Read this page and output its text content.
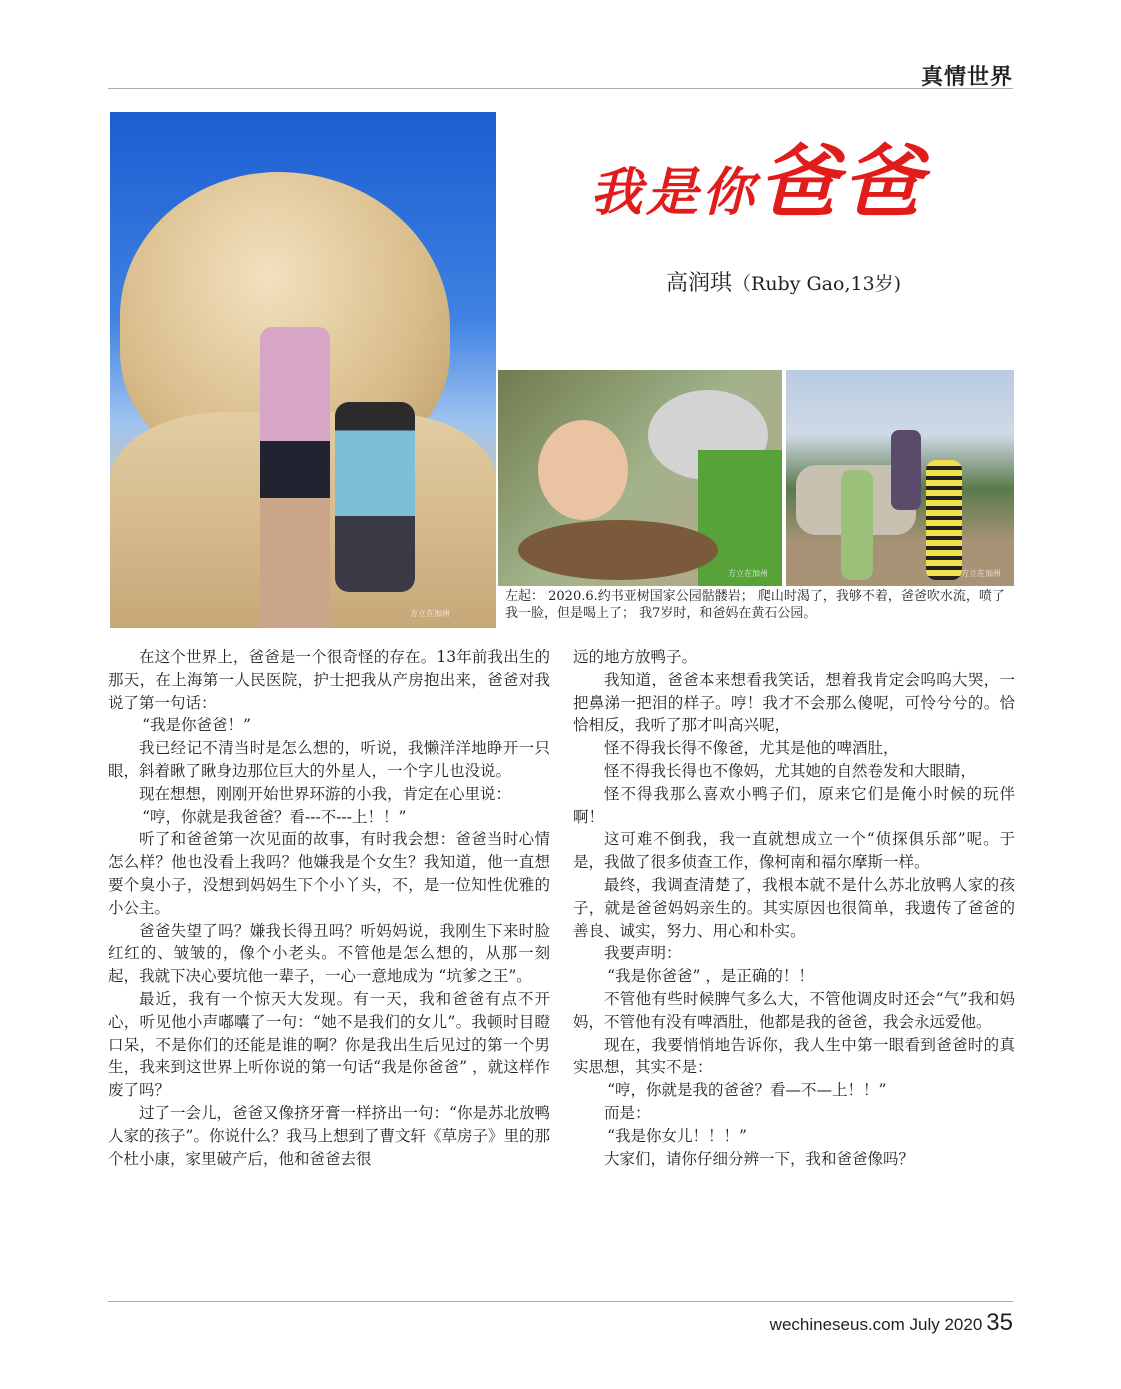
真情世界
方立在加州
我是你爸爸
高润琪（Ruby Gao,13岁)
方立在加州	方立在加州
左起： 2020.6.约书亚树国家公园骷髅岩； 爬山时渴了，我够不着，爸爸吹水流，喷了我一脸，但是喝上了； 我7岁时，和爸妈在黄石公园。

在这个世界上，爸爸是一个很奇怪的存在。13年前我出生的那天，在上海第一人民医院，护士把我从产房抱出来，爸爸对我说了第一句话：

“我是你爸爸！”

我已经记不清当时是怎么想的，听说，我懒洋洋地睁开一只眼，斜着瞅了瞅身边那位巨大的外星人，一个字儿也没说。

现在想想，刚刚开始世界环游的小我，肯定在心里说：

“哼，你就是我爸爸？看---不---上！！”

听了和爸爸第一次见面的故事，有时我会想：爸爸当时心情怎么样？他也没看上我吗？他嫌我是个女生？我知道，他一直想要个臭小子，没想到妈妈生下个小丫头，不，是一位知性优雅的小公主。

爸爸失望了吗？嫌我长得丑吗？听妈妈说，我刚生下来时脸红红的、皱皱的，像个小老头。不管他是怎么想的，从那一刻起，我就下决心要坑他一辈子，一心一意地成为 “坑爹之王”。

最近，我有一个惊天大发现。有一天，我和爸爸有点不开心，听见他小声嘟囔了一句：“她不是我们的女儿”。我顿时目瞪口呆，不是你们的还能是谁的啊？你是我出生后见过的第一个男生，我来到这世界上听你说的第一句话“我是你爸爸” ，就这样作废了吗？

过了一会儿，爸爸又像挤牙膏一样挤出一句：“你是苏北放鸭人家的孩子”。你说什么？我马上想到了曹文轩《草房子》里的那个杜小康，家里破产后，他和爸爸去很

远的地方放鸭子。

我知道，爸爸本来想看我笑话，想着我肯定会呜呜大哭，一把鼻涕一把泪的样子。哼！我才不会那么傻呢，可怜兮兮的。恰恰相反，我听了那才叫高兴呢，

怪不得我长得不像爸，尤其是他的啤酒肚，

怪不得我长得也不像妈，尤其她的自然卷发和大眼睛，

怪不得我那么喜欢小鸭子们，原来它们是俺小时候的玩伴啊！

这可难不倒我，我一直就想成立一个“侦探俱乐部”呢。于是，我做了很多侦查工作，像柯南和福尔摩斯一样。

最终，我调查清楚了，我根本就不是什么苏北放鸭人家的孩子，就是爸爸妈妈亲生的。其实原因也很简单，我遗传了爸爸的善良、诚实，努力、用心和朴实。

我要声明：

“我是你爸爸” ，是正确的！！

不管他有些时候脾气多么大，不管他调皮时还会“气”我和妈妈，不管他有没有啤酒肚，他都是我的爸爸，我会永远爱他。

现在，我要悄悄地告诉你，我人生中第一眼看到爸爸时的真实思想，其实不是：

“哼，你就是我的爸爸？看—不—上！！”

而是：

“我是你女儿！！！”

大家们，请你仔细分辨一下，我和爸爸像吗？

wechineseus.com July 2020 35
